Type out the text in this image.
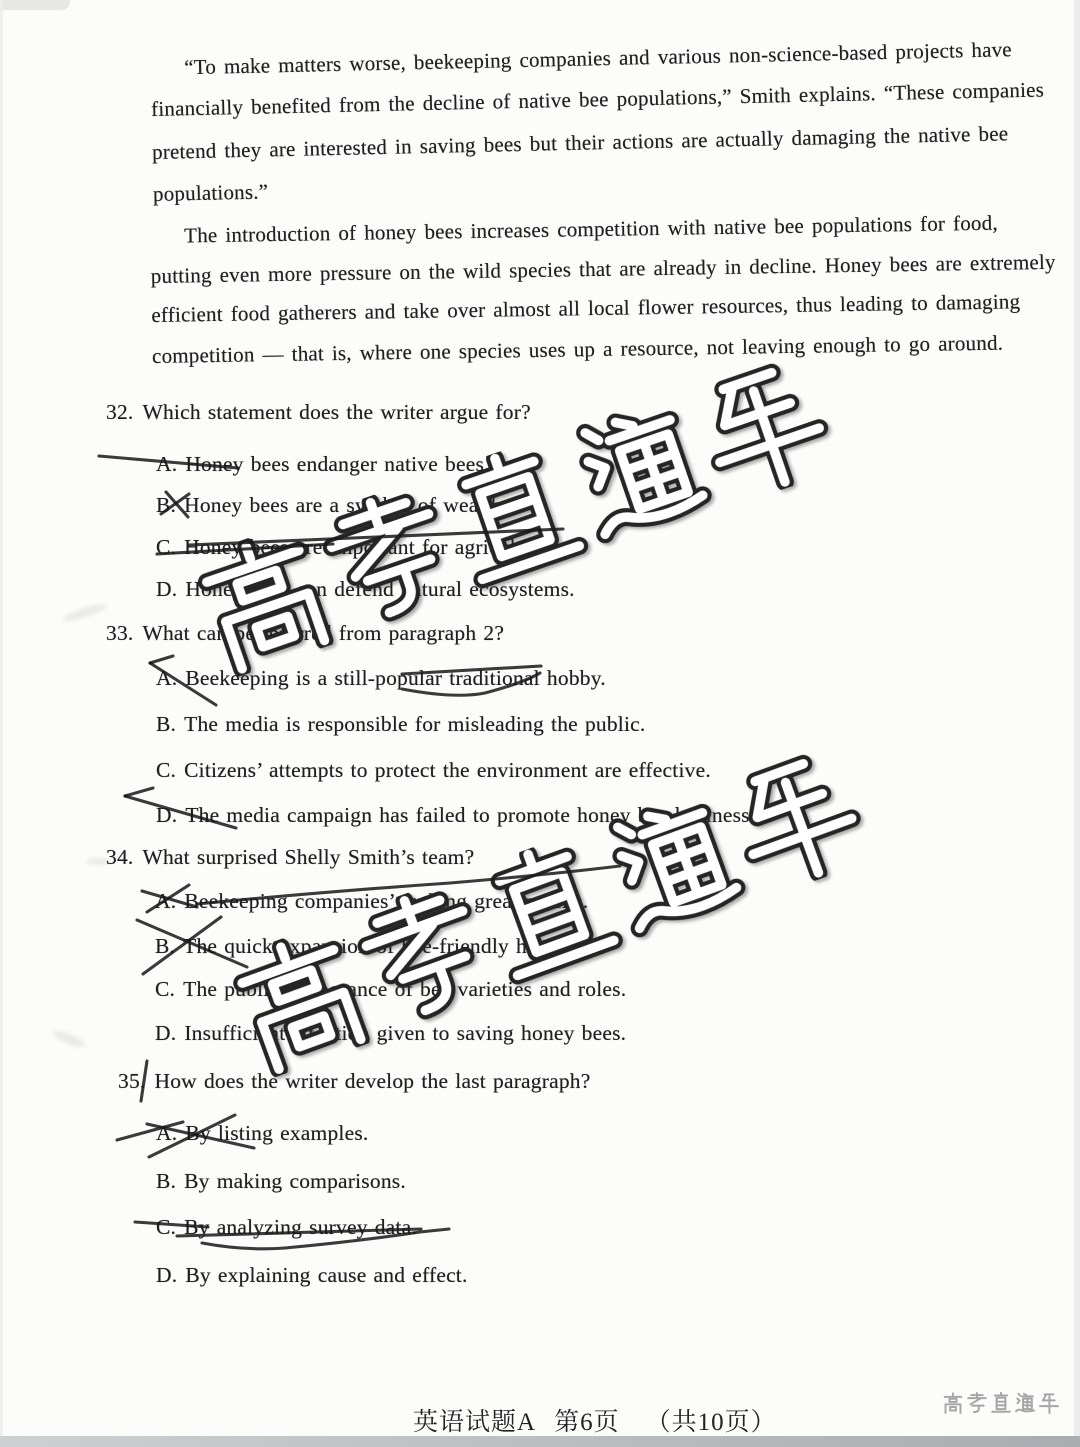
“To make matters worse, beekeeping companies and various non-science-based projects have
financially benefited from the decline of native bee populations,” Smith explains. “These companies
pretend they are interested in saving bees but their actions are actually damaging the native bee
populations.”
The introduction of honey bees increases competition with native bee populations for food,
putting even more pressure on the wild species that are already in decline. Honey bees are extremely
efficient food gatherers and take over almost all local flower resources, thus leading to damaging
competition — that is, where one species uses up a resource, not leaving enough to go around.
32. Which statement does the writer argue for?
A. Honey bees endanger native bees.
B. Honey bees are a symbol of wealth.
C. Honey bees are important for agriculture.
D. Honey bees can defend natural ecosystems.
33. What can be inferred from paragraph 2?
A. Beekeeping is a still-popular traditional hobby.
B. The media is responsible for misleading the public.
C. Citizens’ attempts to protect the environment are effective.
D. The media campaign has failed to promote honey bee businesses.
34. What surprised Shelly Smith’s team?
A. Beekeeping companies’ making great profits.
B. The quick expansion of bee-friendly habitats.
C. The public’s ignorance of bee varieties and roles.
D. Insufficient attention given to saving honey bees.
35. How does the writer develop the last paragraph?
A. By listing examples.
B. By making comparisons.
C. By analyzing survey data.
D. By explaining cause and effect.
英语试题A 第6页 （共10页）
